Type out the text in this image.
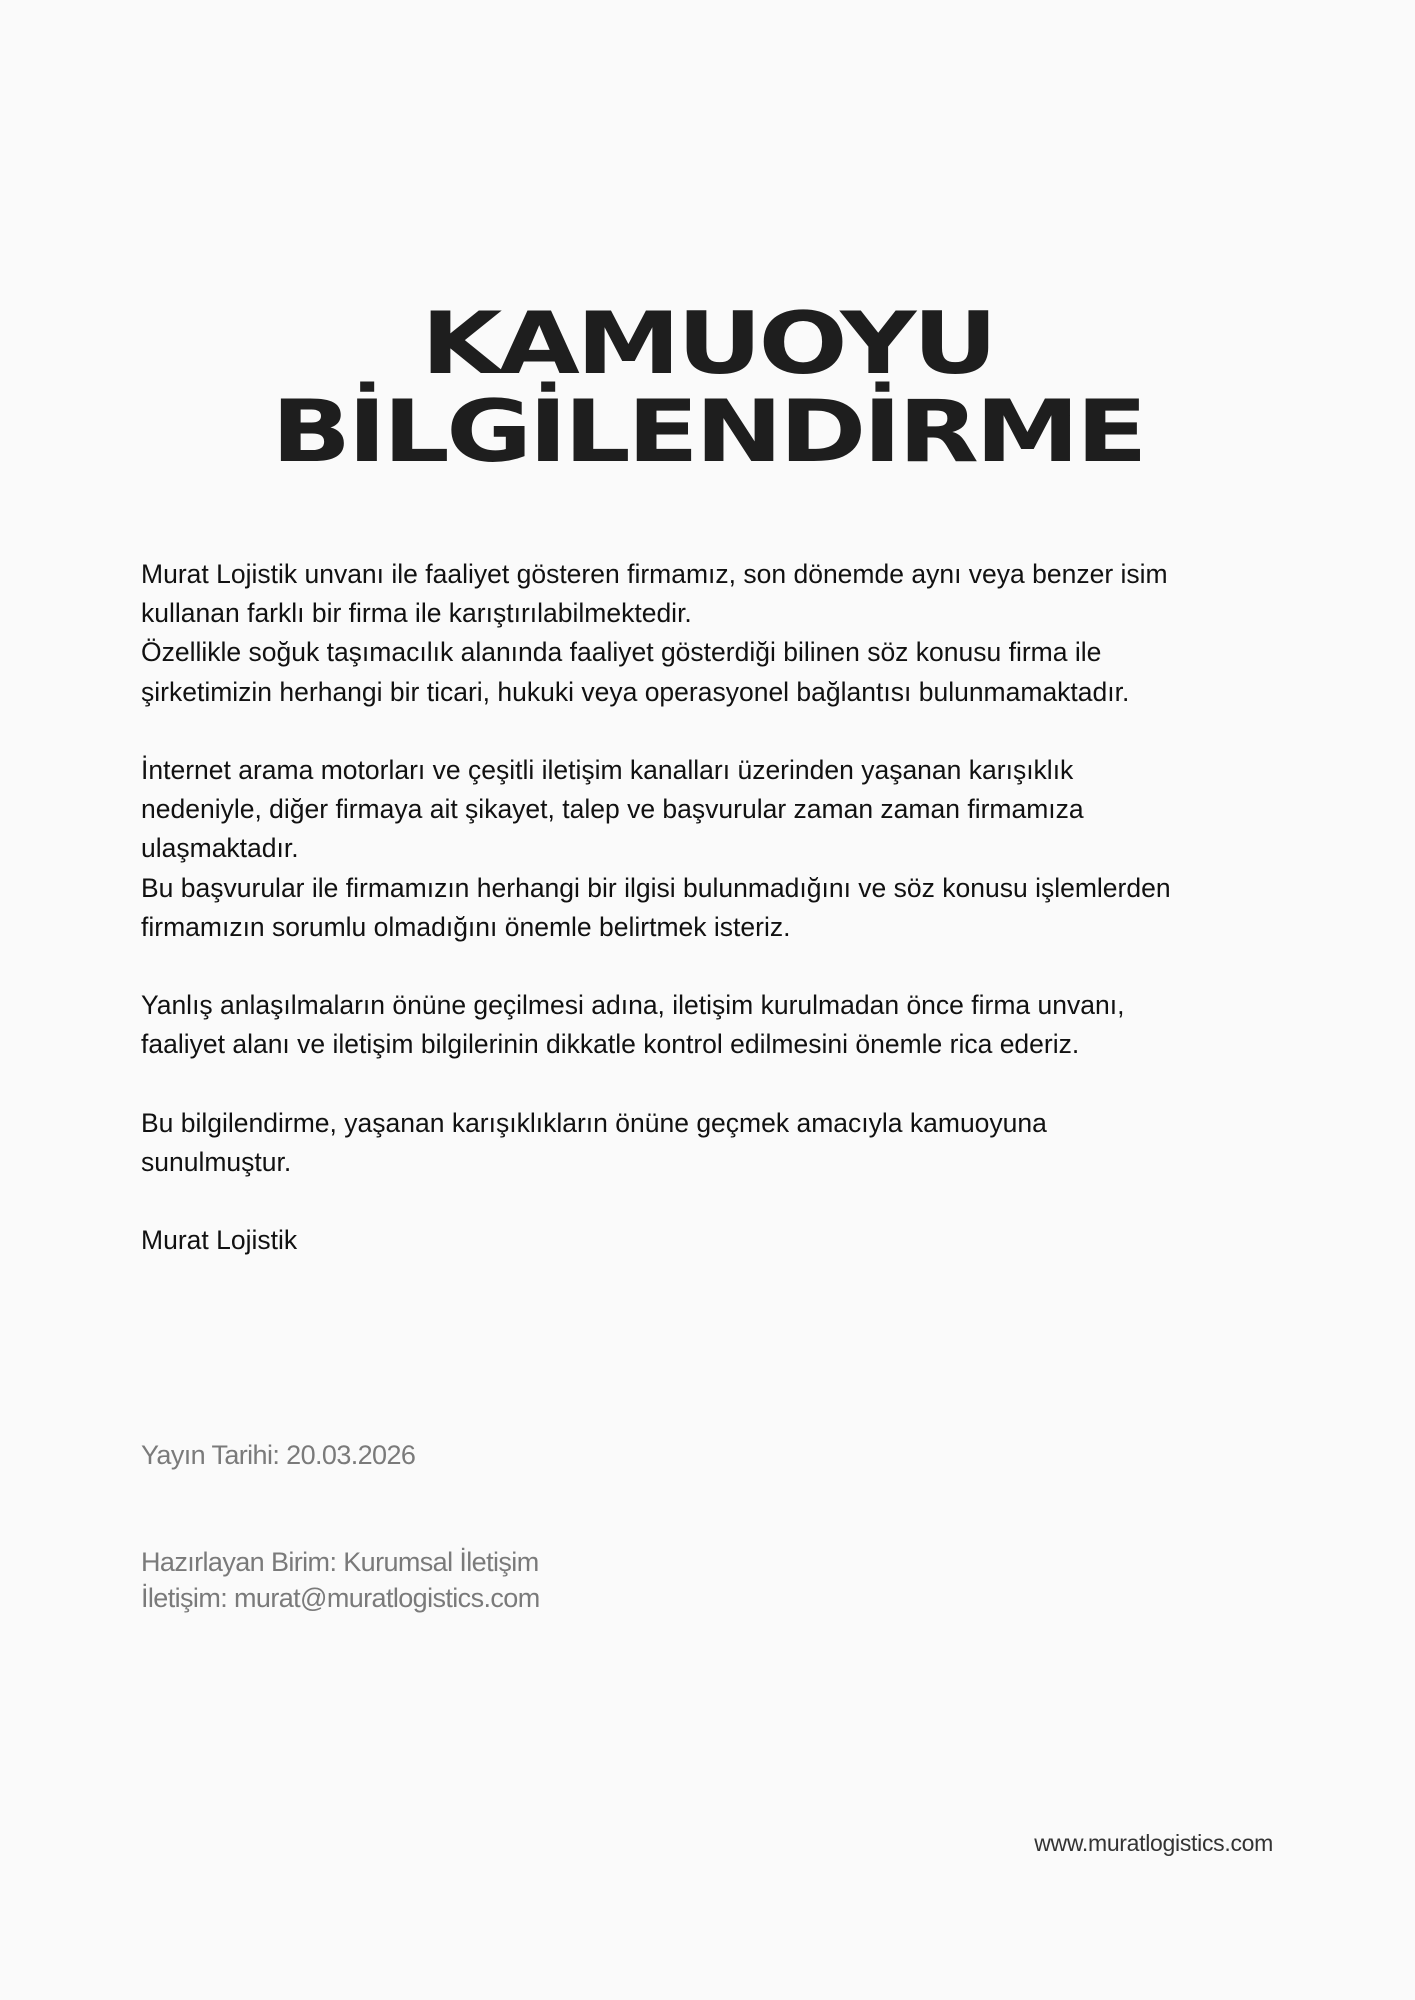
KAMUOYU
BİLGİLENDİRME

Murat Lojistik unvanı ile faaliyet gösteren firmamız, son dönemde aynı veya benzer isim
kullanan farklı bir firma ile karıştırılabilmektedir.
Özellikle soğuk taşımacılık alanında faaliyet gösterdiği bilinen söz konusu firma ile
şirketimizin herhangi bir ticari, hukuki veya operasyonel bağlantısı bulunmamaktadır.

İnternet arama motorları ve çeşitli iletişim kanalları üzerinden yaşanan karışıklık
nedeniyle, diğer firmaya ait şikayet, talep ve başvurular zaman zaman firmamıza
ulaşmaktadır.
Bu başvurular ile firmamızın herhangi bir ilgisi bulunmadığını ve söz konusu işlemlerden
firmamızın sorumlu olmadığını önemle belirtmek isteriz.

Yanlış anlaşılmaların önüne geçilmesi adına, iletişim kurulmadan önce firma unvanı,
faaliyet alanı ve iletişim bilgilerinin dikkatle kontrol edilmesini önemle rica ederiz.

Bu bilgilendirme, yaşanan karışıklıkların önüne geçmek amacıyla kamuoyuna
sunulmuştur.

Murat Lojistik

Yayın Tarihi: 20.03.2026
Hazırlayan Birim: Kurumsal İletişim
İletişim: murat@muratlogistics.com
www.muratlogistics.com
